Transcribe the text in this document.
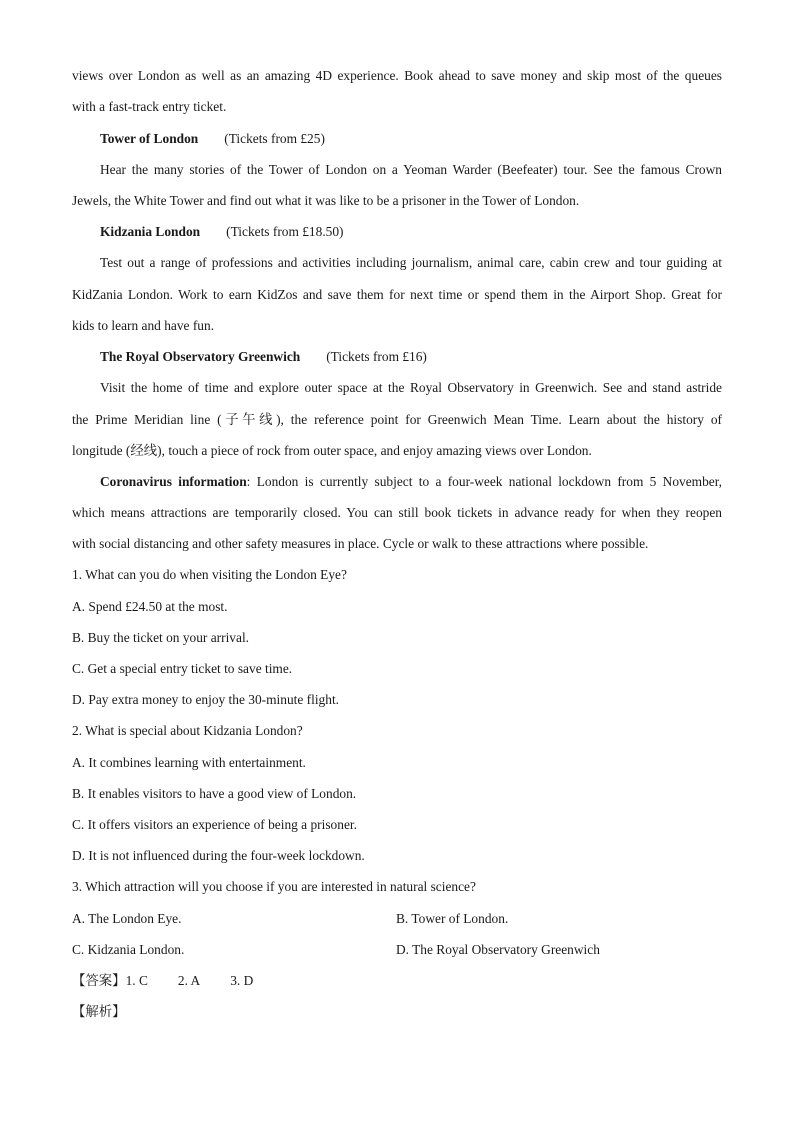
views over London as well as an amazing 4D experience. Book ahead to save money and skip most of the queues
with a fast-track entry ticket.
Tower of London (Tickets from £25)
Hear the many stories of the Tower of London on a Yeoman Warder (Beefeater) tour. See the famous Crown
Jewels, the White Tower and find out what it was like to be a prisoner in the Tower of London.
Kidzania London (Tickets from £18.50)
Test out a range of professions and activities including journalism, animal care, cabin crew and tour guiding at
KidZania London. Work to earn KidZos and save them for next time or spend them in the Airport Shop. Great for
kids to learn and have fun.
The Royal Observatory Greenwich (Tickets from £16)
Visit the home of time and explore outer space at the Royal Observatory in Greenwich. See and stand astride
the Prime Meridian line (子午线), the reference point for Greenwich Mean Time. Learn about the history of
longitude (经线), touch a piece of rock from outer space, and enjoy amazing views over London.
Coronavirus information: London is currently subject to a four-week national lockdown from 5 November,
which means attractions are temporarily closed. You can still book tickets in advance ready for when they reopen
with social distancing and other safety measures in place. Cycle or walk to these attractions where possible.
1. What can you do when visiting the London Eye?
A. Spend £24.50 at the most.
B. Buy the ticket on your arrival.
C. Get a special entry ticket to save time.
D. Pay extra money to enjoy the 30-minute flight.
2. What is special about Kidzania London?
A. It combines learning with entertainment.
B. It enables visitors to have a good view of London.
C. It offers visitors an experience of being a prisoner.
D. It is not influenced during the four-week lockdown.
3. Which attraction will you choose if you are interested in natural science?
A. The London Eye.	B. Tower of London.
C. Kidzania London.	D. The Royal Observatory Greenwich
【答案】1. C 2. A 3. D
【解析】
